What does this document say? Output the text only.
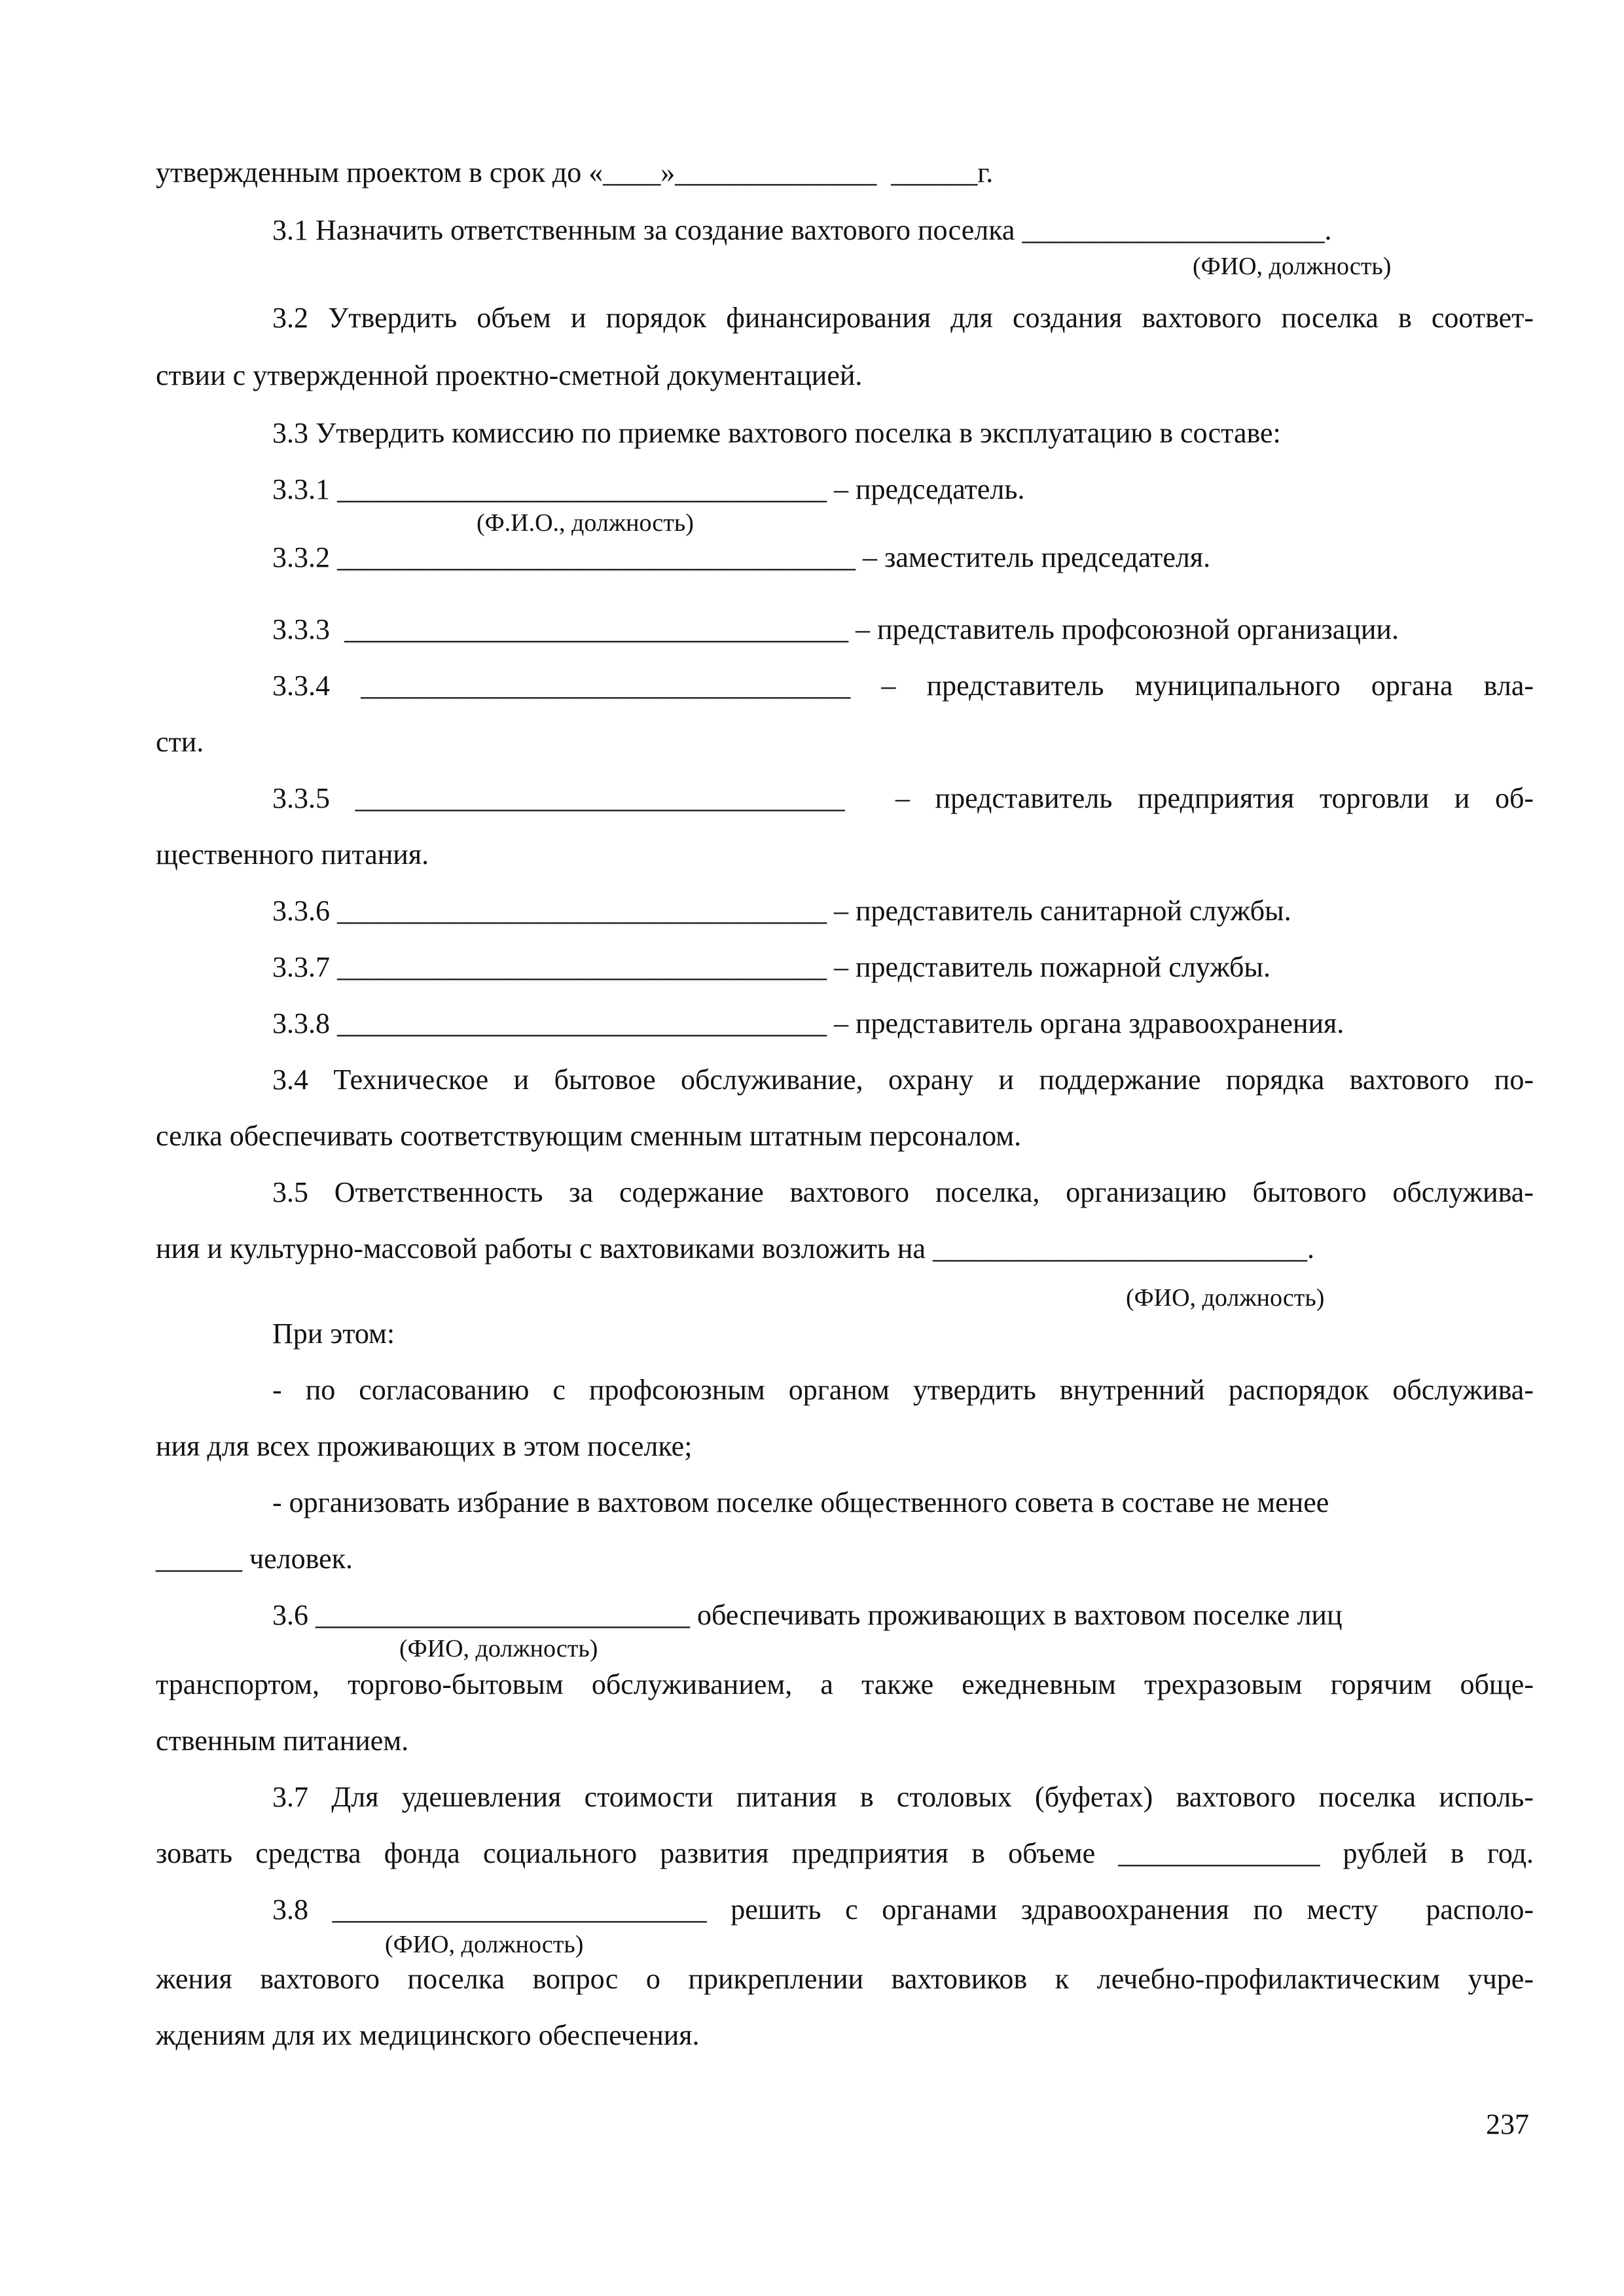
утвержденным проектом в срок до «____»______________  ______г.
3.1 Назначить ответственным за создание вахтового поселка _____________________.
(ФИО, должность)
3.2 Утвердить объем и порядок финансирования для создания вахтового поселка в соответ-
ствии с утвержденной проектно-сметной документацией.
3.3 Утвердить комиссию по приемке вахтового поселка в эксплуатацию в составе:
3.3.1 __________________________________ – председатель.
(Ф.И.О., должность)
3.3.2 ____________________________________ – заместитель председателя.
3.3.3  ___________________________________ – представитель профсоюзной организации.
3.3.4 __________________________________ – представитель муниципального органа вла-
сти.
3.3.5 __________________________________  – представитель предприятия торговли и об-
щественного питания.
3.3.6 __________________________________ – представитель санитарной службы.
3.3.7 __________________________________ – представитель пожарной службы.
3.3.8 __________________________________ – представитель органа здравоохранения.
3.4 Техническое и бытовое обслуживание, охрану и поддержание порядка вахтового по-
селка обеспечивать соответствующим сменным штатным персоналом.
3.5 Ответственность за содержание вахтового поселка, организацию бытового обслужива-
ния и культурно-массовой работы с вахтовиками возложить на __________________________.
(ФИО, должность)
При этом:
- по согласованию с профсоюзным органом утвердить внутренний распорядок обслужива-
ния для всех проживающих в этом поселке;
- организовать избрание в вахтовом поселке общественного совета в составе не менее
______ человек.
3.6 __________________________ обеспечивать проживающих в вахтовом поселке лиц
(ФИО, должность)
транспортом, торгово-бытовым обслуживанием, а также ежедневным трехразовым горячим обще-
ственным питанием.
3.7 Для удешевления стоимости питания в столовых (буфетах) вахтового поселка исполь-
зовать средства фонда социального развития предприятия в объеме ______________ рублей в год.
3.8 __________________________ решить с органами здравоохранения по месту  располо-
(ФИО, должность)
жения вахтового поселка вопрос о прикреплении вахтовиков к лечебно-профилактическим учре-
ждениям для их медицинского обеспечения.
237
